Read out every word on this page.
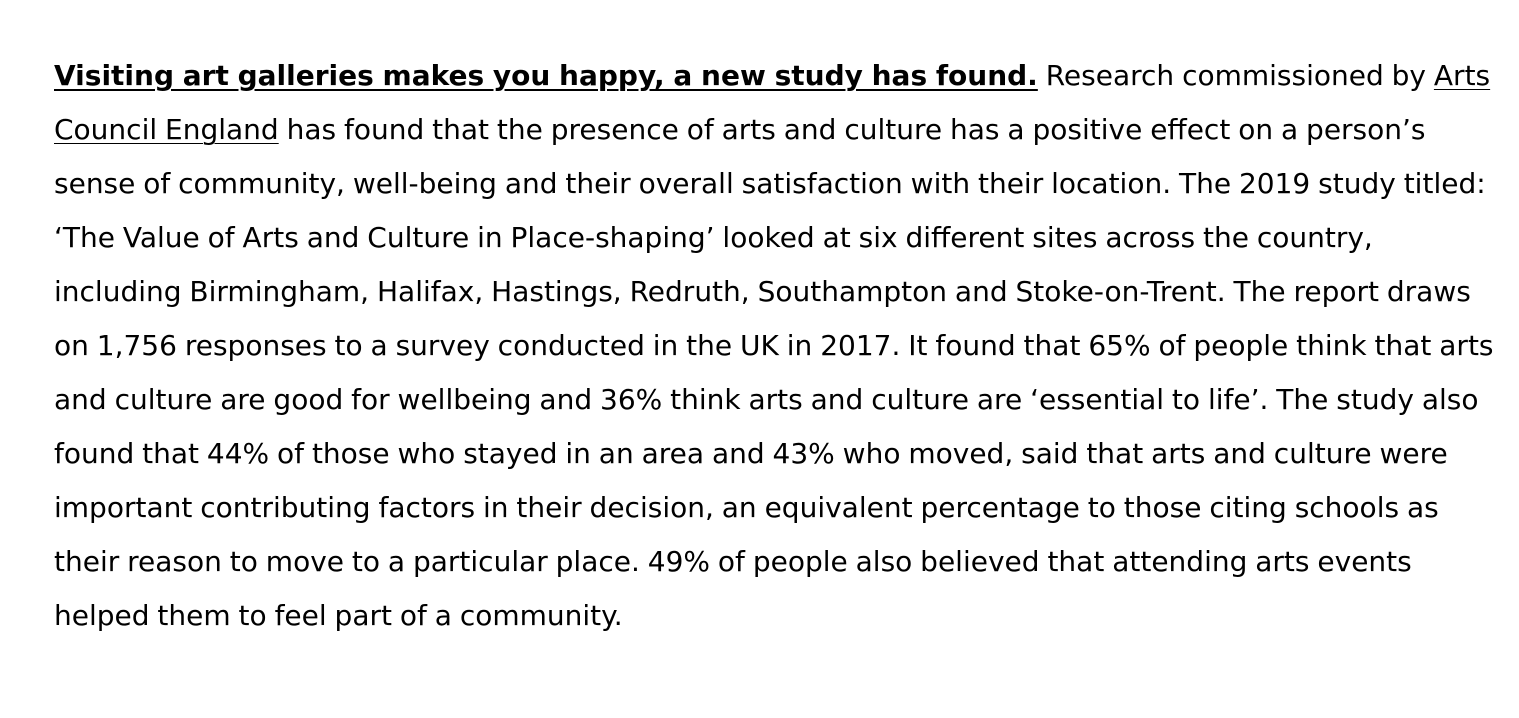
Visiting art galleries makes you happy, a new study has found. Research commissioned by Arts Council England has found that the presence of arts and culture has a positive effect on a person’s sense of community, well-being and their overall satisfaction with their location. The 2019 study titled: ‘The Value of Arts and Culture in Place-shaping’ looked at six different sites across the country, including Birmingham, Halifax, Hastings, Redruth, Southampton and Stoke-on-Trent. The report draws on 1,756 responses to a survey conducted in the UK in 2017. It found that 65% of people think that arts and culture are good for wellbeing and 36% think arts and culture are ‘essential to life’. The study also found that 44% of those who stayed in an area and 43% who moved, said that arts and culture were important contributing factors in their decision, an equivalent percentage to those citing schools as their reason to move to a particular place. 49% of people also believed that attending arts events helped them to feel part of a community.
